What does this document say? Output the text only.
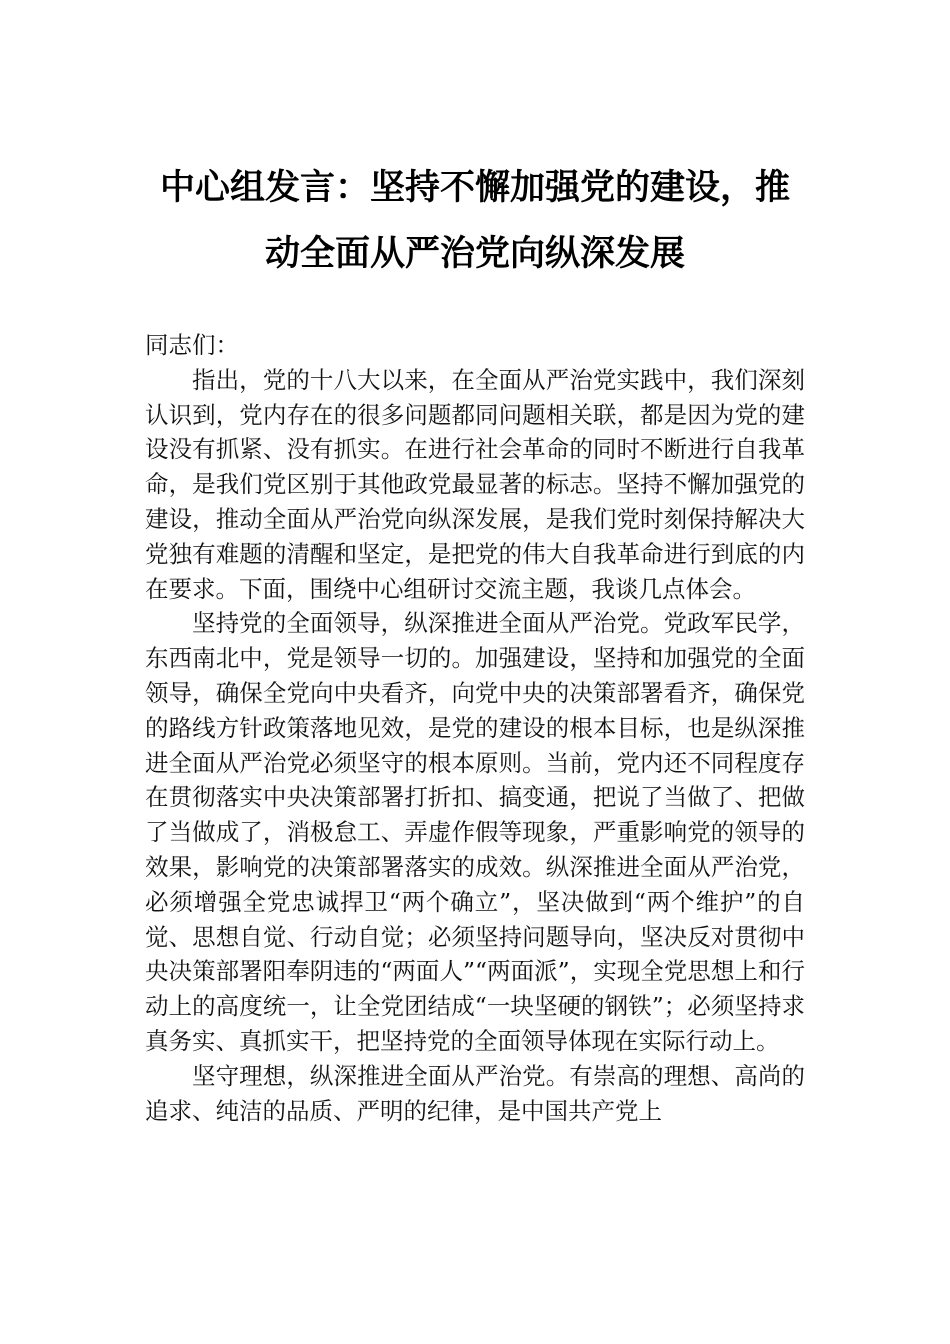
中心组发言：坚持不懈加强党的建设，推
动全面从严治党向纵深发展

同志们：

指出，党的十八大以来，在全面从严治党实践中，我们深刻认识到，党内存在的很多问题都同问题相关联，都是因为党的建设没有抓紧、没有抓实。在进行社会革命的同时不断进行自我革命，是我们党区别于其他政党最显著的标志。坚持不懈加强党的建设，推动全面从严治党向纵深发展，是我们党时刻保持解决大党独有难题的清醒和坚定，是把党的伟大自我革命进行到底的内在要求。下面，围绕中心组研讨交流主题，我谈几点体会。

坚持党的全面领导，纵深推进全面从严治党。党政军民学，东西南北中，党是领导一切的。加强建设，坚持和加强党的全面领导，确保全党向中央看齐，向党中央的决策部署看齐，确保党的路线方针政策落地见效，是党的建设的根本目标，也是纵深推进全面从严治党必须坚守的根本原则。当前，党内还不同程度存在贯彻落实中央决策部署打折扣、搞变通，把说了当做了、把做了当做成了，消极怠工、弄虚作假等现象，严重影响党的领导的效果，影响党的决策部署落实的成效。纵深推进全面从严治党，必须增强全党忠诚捍卫“两个确立”，坚决做到“两个维护”的自觉、思想自觉、行动自觉；必须坚持问题导向，坚决反对贯彻中央决策部署阳奉阴违的“两面人”“两面派”，实现全党思想上和行动上的高度统一，让全党团结成“一块坚硬的钢铁”；必须坚持求真务实、真抓实干，把坚持党的全面领导体现在实际行动上。

坚守理想，纵深推进全面从严治党。有崇高的理想、高尚的追求、纯洁的品质、严明的纪律，是中国共产党上
